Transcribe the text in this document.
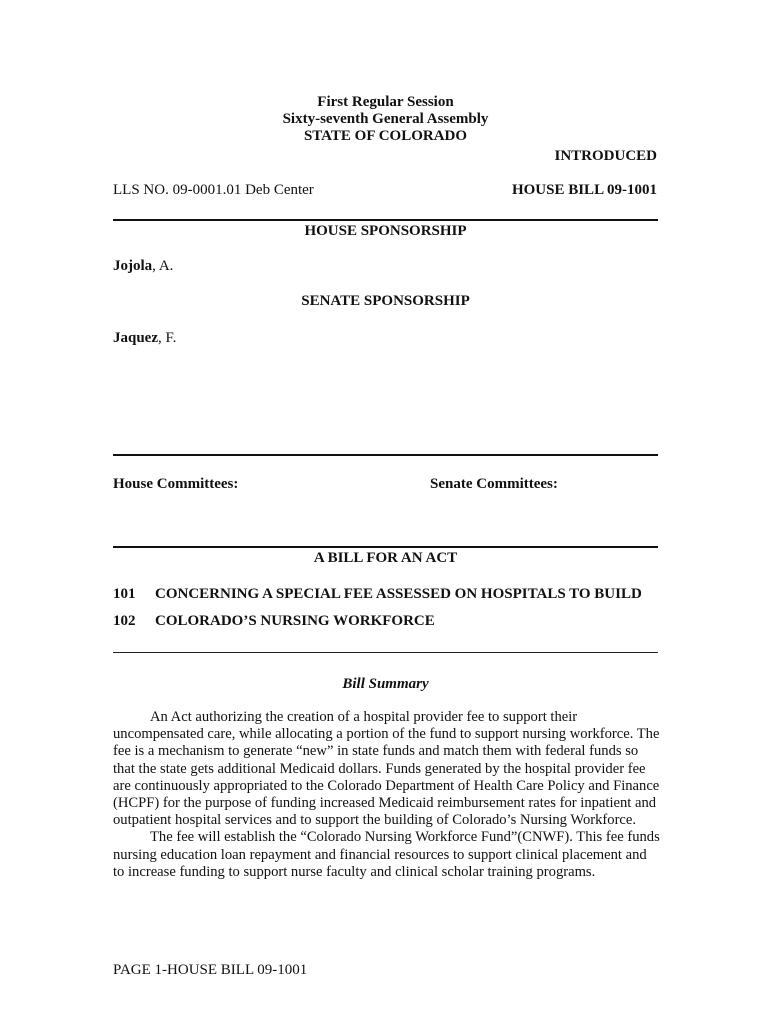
First Regular Session
Sixty-seventh General Assembly
STATE OF COLORADO
INTRODUCED
LLS NO. 09-0001.01 Deb Center	HOUSE BILL 09-1001
HOUSE SPONSORSHIP
Jojola, A.
SENATE SPONSORSHIP
Jaquez, F.
House Committees:	Senate Committees:
A BILL FOR AN ACT
101 CONCERNING A SPECIAL FEE ASSESSED ON HOSPITALS TO BUILD
102 COLORADO’S NURSING WORKFORCE
Bill Summary

An Act authorizing the creation of a hospital provider fee to support their uncompensated care, while allocating a portion of the fund to support nursing workforce. The fee is a mechanism to generate “new” in state funds and match them with federal funds so that the state gets additional Medicaid dollars. Funds generated by the hospital provider fee are continuously appropriated to the Colorado Department of Health Care Policy and Finance (HCPF) for the purpose of funding increased Medicaid reimbursement rates for inpatient and outpatient hospital services and to support the building of Colorado’s Nursing Workforce.

The fee will establish the “Colorado Nursing Workforce Fund”(CNWF). This fee funds nursing education loan repayment and financial resources to support clinical placement and to increase funding to support nurse faculty and clinical scholar training programs.

PAGE 1-HOUSE BILL 09-1001
